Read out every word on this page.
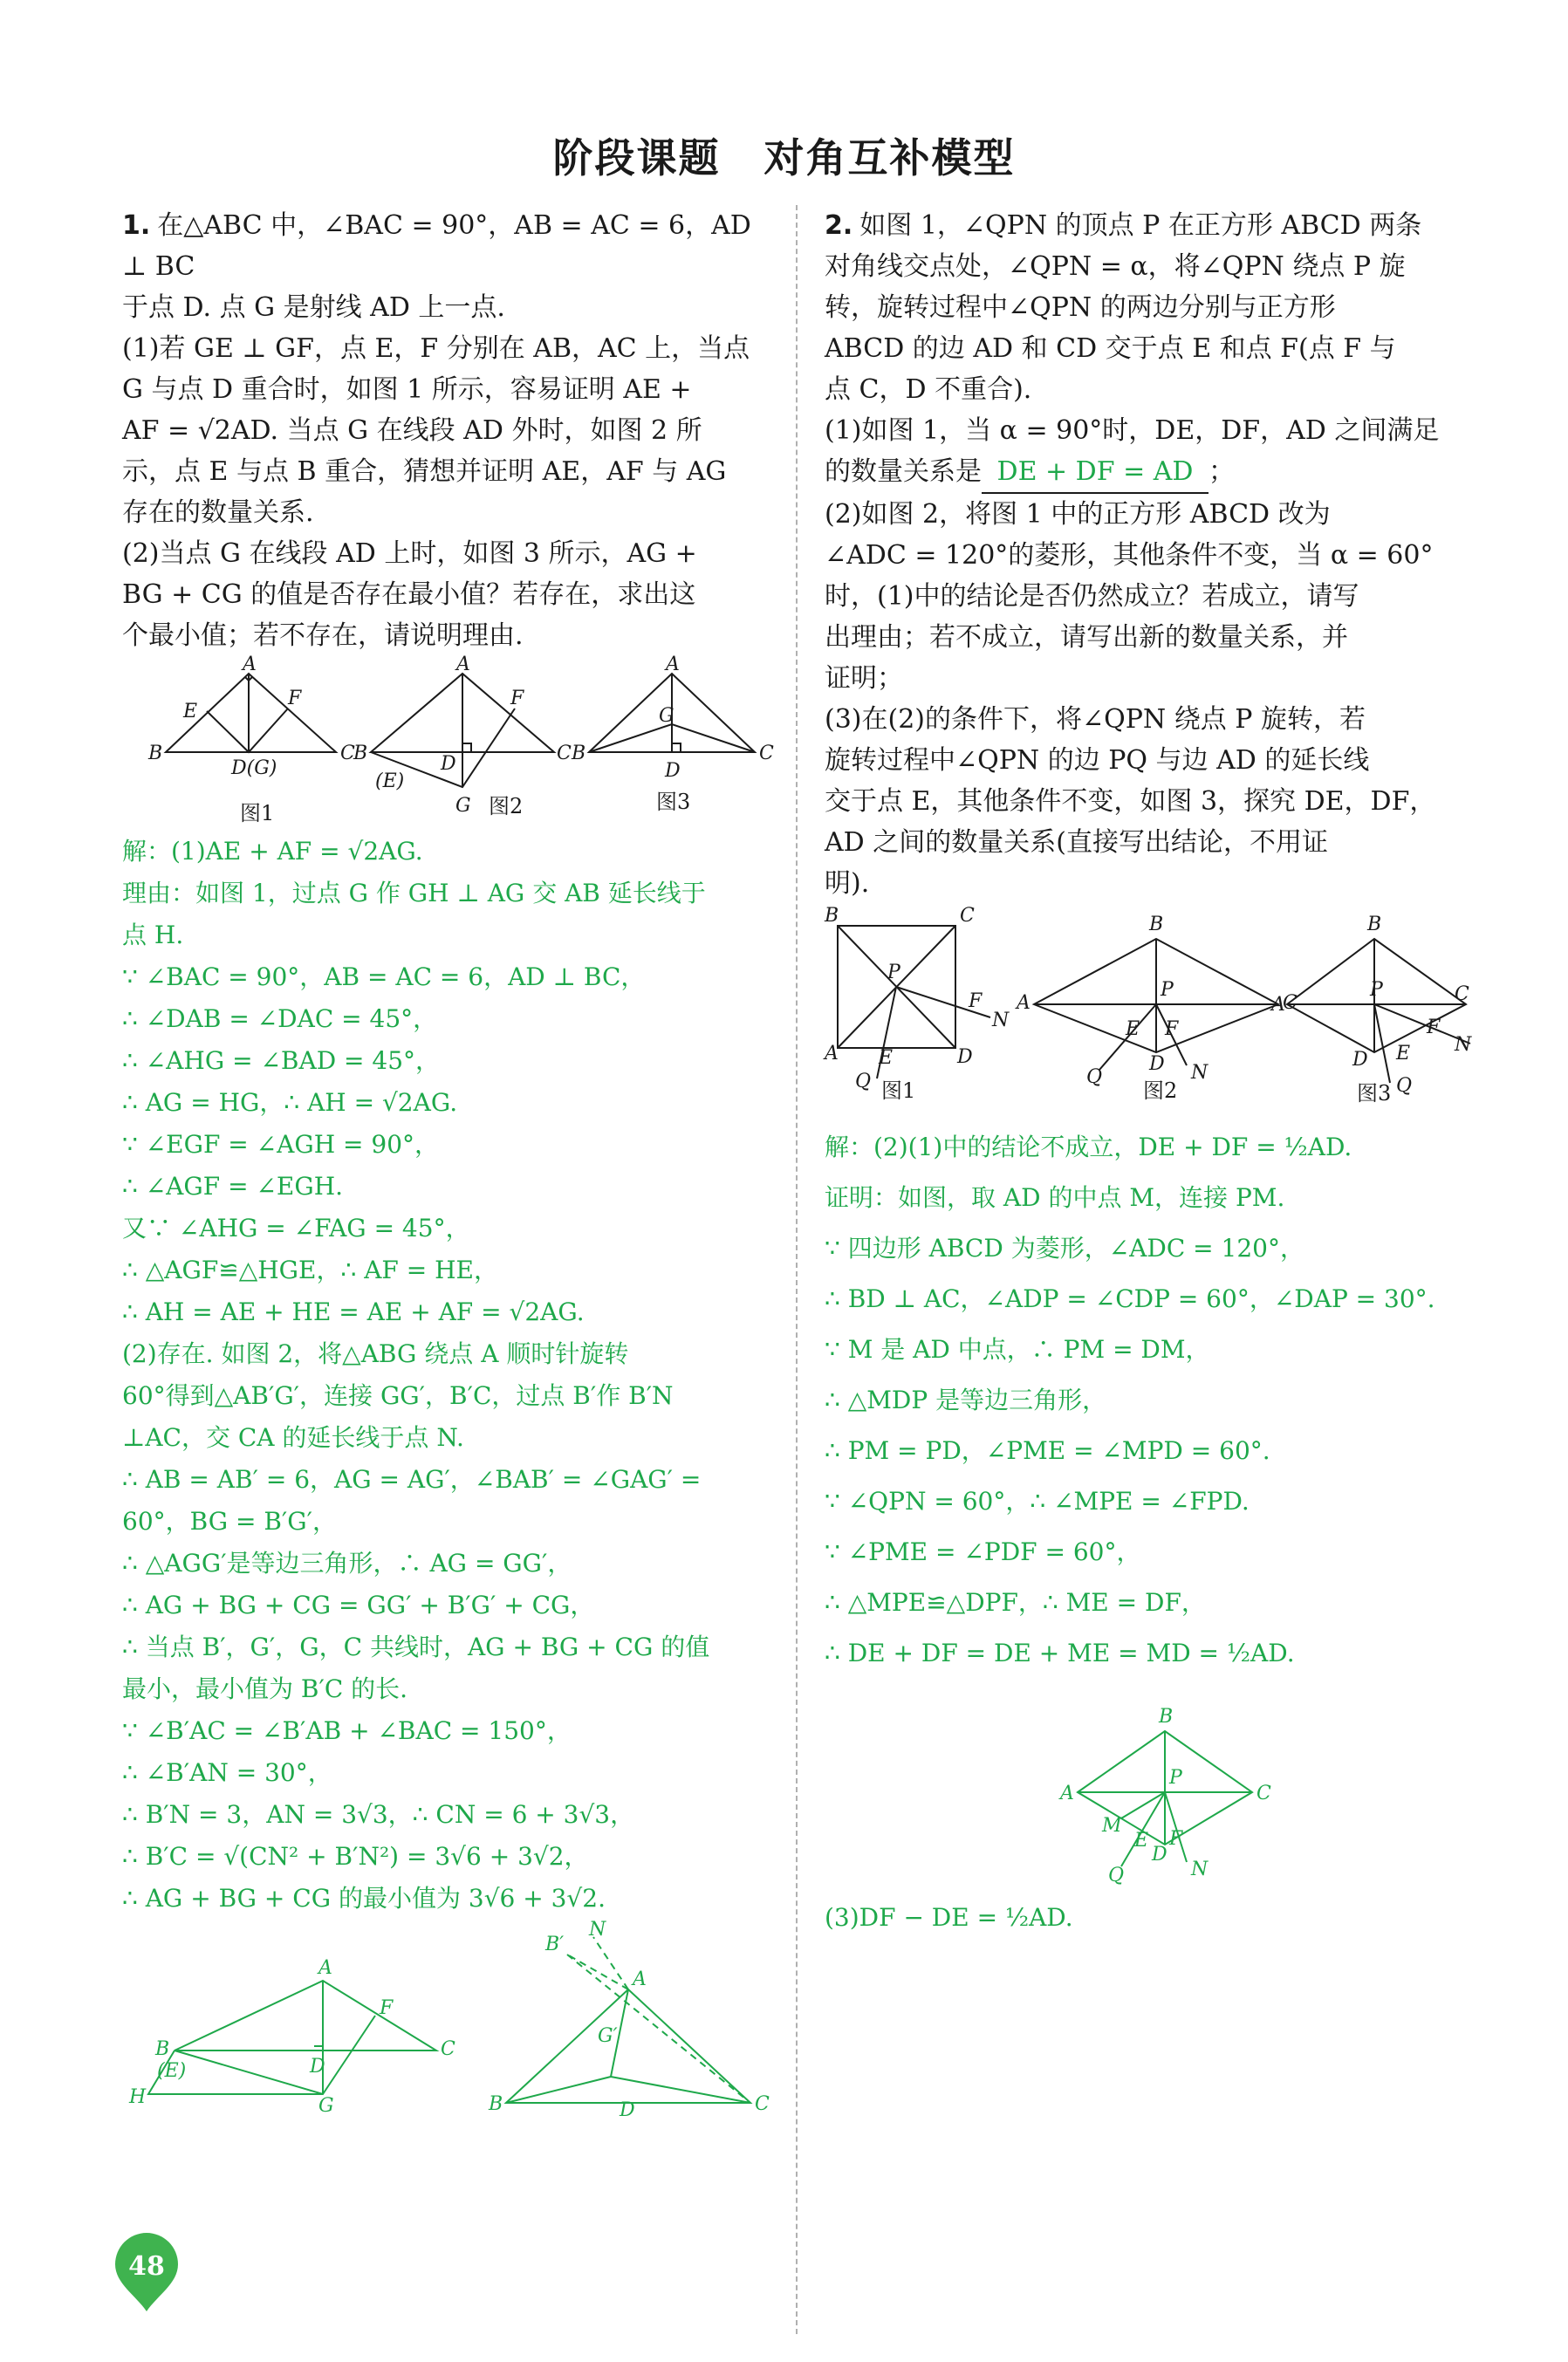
阶段课题 对角互补模型
1. 在△ABC 中，∠BAC = 90°，AB = AC = 6，AD ⊥ BC
于点 D. 点 G 是射线 AD 上一点.
(1)若 GE ⊥ GF，点 E，F 分别在 AB，AC 上，当点
G 与点 D 重合时，如图 1 所示，容易证明 AE +
AF = √2AD. 当点 G 在线段 AD 外时，如图 2 所
示，点 E 与点 B 重合，猜想并证明 AE，AF 与 AG
存在的数量关系.
(2)当点 G 在线段 AD 上时，如图 3 所示，AG +
BG + CG 的值是否存在最小值？若存在，求出这
个最小值；若不存在，请说明理由.
A
E
F
B
D(G)
C
A
F
B
(E)
D
G
C
A
G
B
D
C
图1	图2	图3
解：(1)AE + AF = √2AG.
理由：如图 1，过点 G 作 GH ⊥ AG 交 AB 延长线于
点 H.
∵ ∠BAC = 90°，AB = AC = 6，AD ⊥ BC，
∴ ∠DAB = ∠DAC = 45°，
∴ ∠AHG = ∠BAD = 45°，
∴ AG = HG，∴ AH = √2AG.
∵ ∠EGF = ∠AGH = 90°，
∴ ∠AGF = ∠EGH.
又∵ ∠AHG = ∠FAG = 45°，
∴ △AGF≌△HGE，∴ AF = HE，
∴ AH = AE + HE = AE + AF = √2AG.
(2)存在. 如图 2，将△ABG 绕点 A 顺时针旋转
60°得到△AB′G′，连接 GG′，B′C，过点 B′作 B′N
⊥AC，交 CA 的延长线于点 N.
∴ AB = AB′ = 6，AG = AG′，∠BAB′ = ∠GAG′ =
60°，BG = B′G′，
∴ △AGG′是等边三角形，∴ AG = GG′，
∴ AG + BG + CG = GG′ + B′G′ + CG，
∴ 当点 B′，G′，G，C 共线时，AG + BG + CG 的值
最小，最小值为 B′C 的长.
∵ ∠B′AC = ∠B′AB + ∠BAC = 150°，
∴ ∠B′AN = 30°，
∴ B′N = 3，AN = 3√3，∴ CN = 6 + 3√3，
∴ B′C = √(CN² + B′N²) = 3√6 + 3√2，
∴ AG + BG + CG 的最小值为 3√6 + 3√2.
A
F
B
(E)	D
G
C
H
N
B′
A
G′
B	D	C
2. 如图 1，∠QPN 的顶点 P 在正方形 ABCD 两条
对角线交点处，∠QPN = α，将∠QPN 绕点 P 旋
转，旋转过程中∠QPN 的两边分别与正方形
ABCD 的边 AD 和 CD 交于点 E 和点 F(点 F 与
点 C，D 不重合).
(1)如图 1，当 α = 90°时，DE，DF，AD 之间满足
的数量关系是 DE + DF = AD ；
(2)如图 2，将图 1 中的正方形 ABCD 改为
∠ADC = 120°的菱形，其他条件不变，当 α = 60°
时，(1)中的结论是否仍然成立？若成立，请写
出理由；若不成立，请写出新的数量关系，并
证明；
(3)在(2)的条件下，将∠QPN 绕点 P 旋转，若
旋转过程中∠QPN 的边 PQ 与边 AD 的延长线
交于点 E，其他条件不变，如图 3，探究 DE，DF，
AD 之间的数量关系(直接写出结论，不用证
明).
B	C
P
F
N
A E	D
Q
B
P
A	C
E F
D
Q	N
B
P
A	C
F
N
E
D
Q
图1	图2	图3
解：(2)(1)中的结论不成立，DE + DF = ½AD.
证明：如图，取 AD 的中点 M，连接 PM.
∵ 四边形 ABCD 为菱形，∠ADC = 120°，
∴ BD ⊥ AC，∠ADP = ∠CDP = 60°，∠DAP = 30°.
∵ M 是 AD 中点，∴ PM = DM，
∴ △MDP 是等边三角形，
∴ PM = PD，∠PME = ∠MPD = 60°.
∵ ∠QPN = 60°，∴ ∠MPE = ∠FPD.
∵ ∠PME = ∠PDF = 60°，
∴ △MPE≌△DPF，∴ ME = DF，
∴ DE + DF = DE + ME = MD = ½AD.
B
P
A	C
M
E F
D
Q	N
(3)DF − DE = ½AD.
48
